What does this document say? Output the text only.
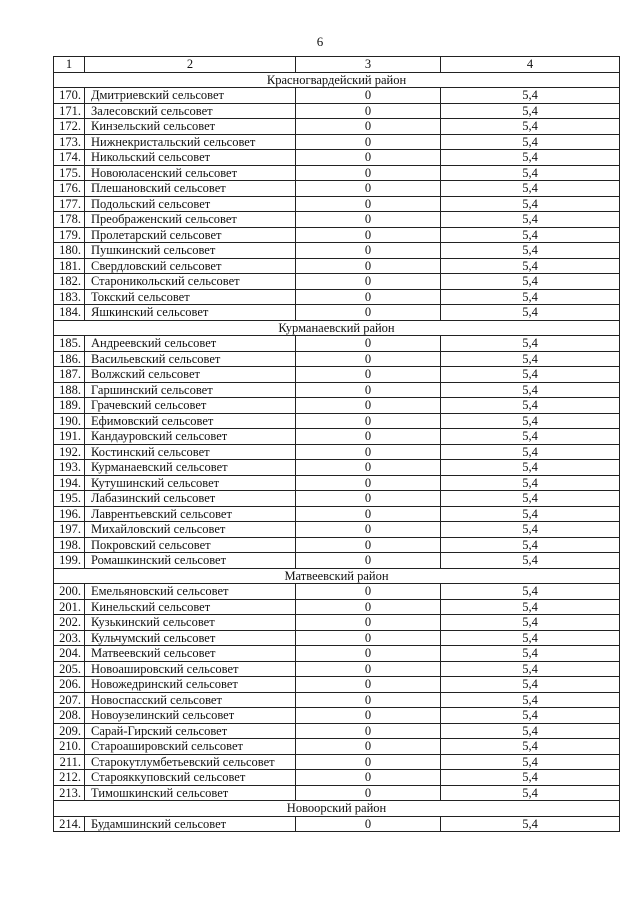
6
1	2	3	4
Красногвардейский район			
170.	Дмитриевский сельсовет	0	5,4
171.	Залесовский сельсовет	0	5,4
172.	Кинзельский сельсовет	0	5,4
173.	Нижнекристальский сельсовет	0	5,4
174.	Никольский сельсовет	0	5,4
175.	Новоюласенский сельсовет	0	5,4
176.	Плешановский сельсовет	0	5,4
177.	Подольский сельсовет	0	5,4
178.	Преображенский сельсовет	0	5,4
179.	Пролетарский сельсовет	0	5,4
180.	Пушкинский сельсовет	0	5,4
181.	Свердловский сельсовет	0	5,4
182.	Староникольский сельсовет	0	5,4
183.	Токский сельсовет	0	5,4
184.	Яшкинский сельсовет	0	5,4
Курманаевский район			
185.	Андреевский сельсовет	0	5,4
186.	Васильевский сельсовет	0	5,4
187.	Волжский сельсовет	0	5,4
188.	Гаршинский сельсовет	0	5,4
189.	Грачевский сельсовет	0	5,4
190.	Ефимовский сельсовет	0	5,4
191.	Кандауровский сельсовет	0	5,4
192.	Костинский сельсовет	0	5,4
193.	Курманаевский сельсовет	0	5,4
194.	Кутушинский сельсовет	0	5,4
195.	Лабазинский сельсовет	0	5,4
196.	Лаврентьевский сельсовет	0	5,4
197.	Михайловский сельсовет	0	5,4
198.	Покровский сельсовет	0	5,4
199.	Ромашкинский сельсовет	0	5,4
Матвеевский район			
200.	Емельяновский сельсовет	0	5,4
201.	Кинельский сельсовет	0	5,4
202.	Кузькинский сельсовет	0	5,4
203.	Кульчумский сельсовет	0	5,4
204.	Матвеевский сельсовет	0	5,4
205.	Новоаширoвский сельсовет	0	5,4
206.	Новожедринский сельсовет	0	5,4
207.	Новоспасский сельсовет	0	5,4
208.	Новоузелинский сельсовет	0	5,4
209.	Сарай-Гирский сельсовет	0	5,4
210.	Староашировский сельсовет	0	5,4
211.	Старокутлумбетьевский сельсовет	0	5,4
212.	Старояккуповский сельсовет	0	5,4
213.	Тимошкинский сельсовет	0	5,4
Новоорский район			
214.	Будамшинский сельсовет	0	5,4
